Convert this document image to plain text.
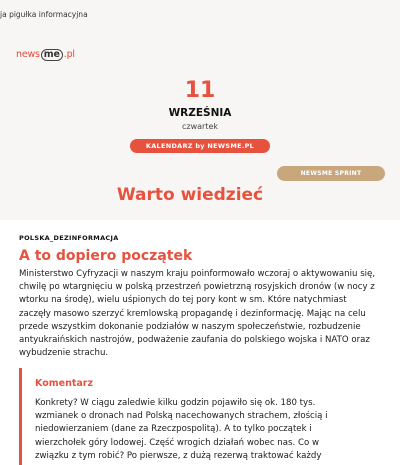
ja pigułka informacyjna
news me .pl
11
WRZEŚNIA
czwartek
KALENDARZ by NEWSME.PL
NEWSME SPRINT
Warto wiedzieć
POLSKA_DEZINFORMACJA
A to dopiero początek
Ministerstwo Cyfryzacji w naszym kraju poinformowało wczoraj o aktywowaniu się, chwilę po wtargnięciu w polską przestrzeń powietrzną rosyjskich dronów (w nocy z wtorku na środę), wielu uśpionych do tej pory kont w sm. Które natychmiast zaczęły masowo szerzyć kremlowską propagandę i dezinformację. Mając na celu przede wszystkim dokonanie podziałów w naszym społeczeństwie, rozbudzenie antyukraińskich nastrojów, podważenie zaufania do polskiego wojska i NATO oraz wybudzenie strachu.
Komentarz
Konkrety? W ciągu zaledwie kilku godzin pojawiło się ok. 180 tys. wzmianek o dronach nad Polską nacechowanych strachem, złością i niedowierzaniem (dane za Rzeczpospolitą). A to tylko początek i wierzchołek góry lodowej. Część wrogich działań wobec nas. Co w związku z tym robić? Po pierwsze, z dużą rezerwą traktować każdy
